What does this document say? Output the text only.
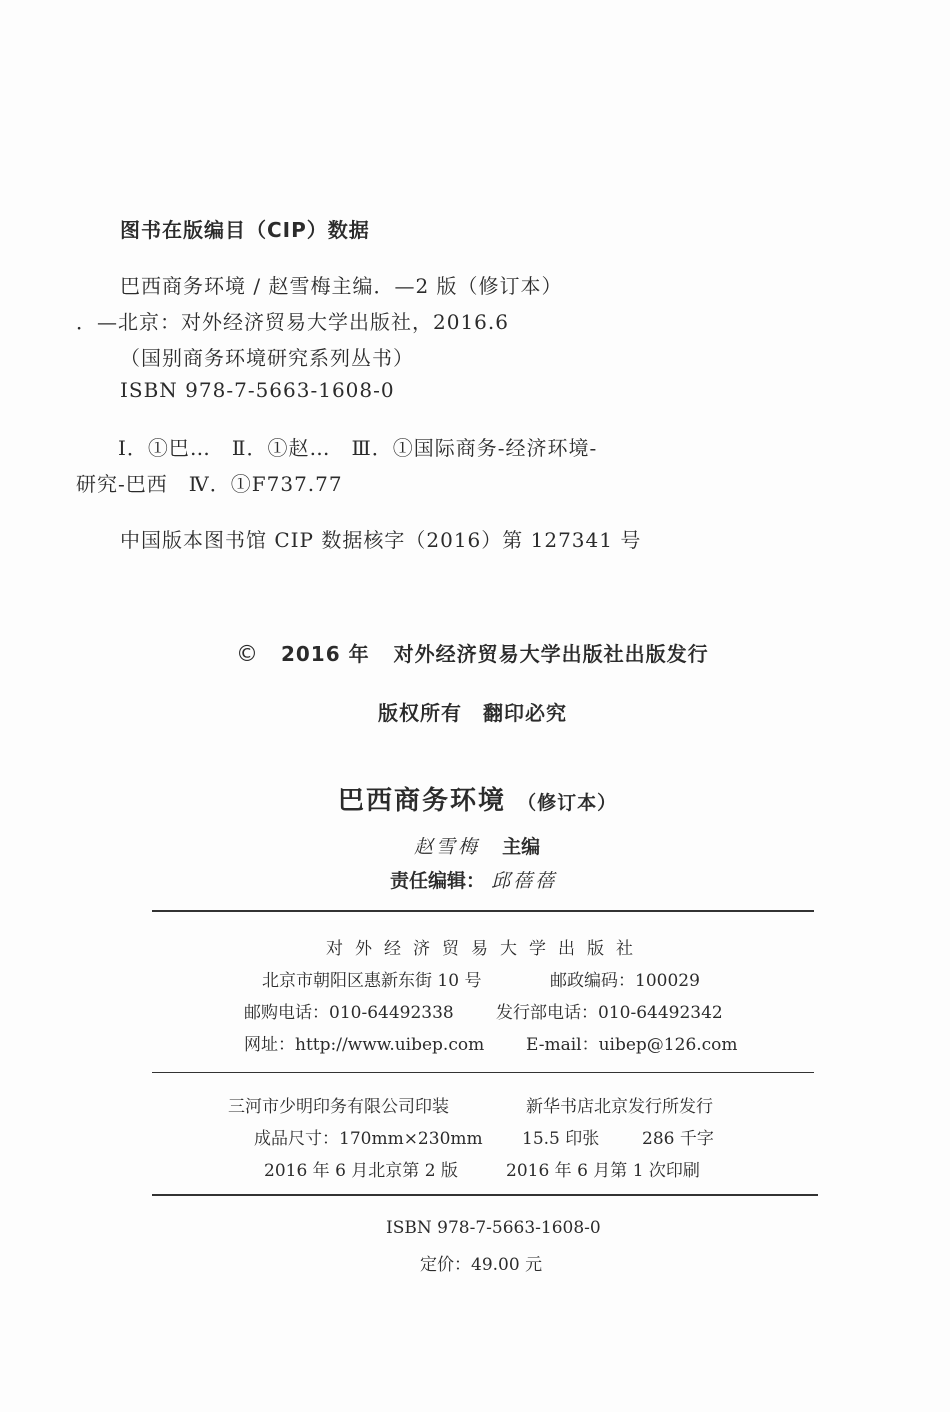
图书在版编目（CIP）数据
巴西商务环境 / 赵雪梅主编．—2 版（修订本）
．—北京：对外经济贸易大学出版社，2016.6
（国别商务环境研究系列丛书）
ISBN 978-7-5663-1608-0
Ⅰ．①巴…　Ⅱ．①赵…　Ⅲ．①国际商务-经济环境-
研究-巴西　Ⅳ．①F737.77
中国版本图书馆 CIP 数据核字（2016）第 127341 号
© 2016 年 对外经济贸易大学出版社出版发行
版权所有　翻印必究
巴西商务环境 （修订本）
赵雪梅 主编
责任编辑： 邱蓓蓓
对外经济贸易大学出版社
北京市朝阳区惠新东街 10 号	邮政编码：100029
邮购电话：010-64492338 发行部电话：010-64492342
网址：http://www.uibep.com E-mail：uibep@126.com
三河市少明印务有限公司印装	新华书店北京发行所发行
成品尺寸：170mm×230mm 15.5 印张	286 千字
2016 年 6 月北京第 2 版	2016 年 6 月第 1 次印刷
ISBN 978-7-5663-1608-0
定价：49.00 元
